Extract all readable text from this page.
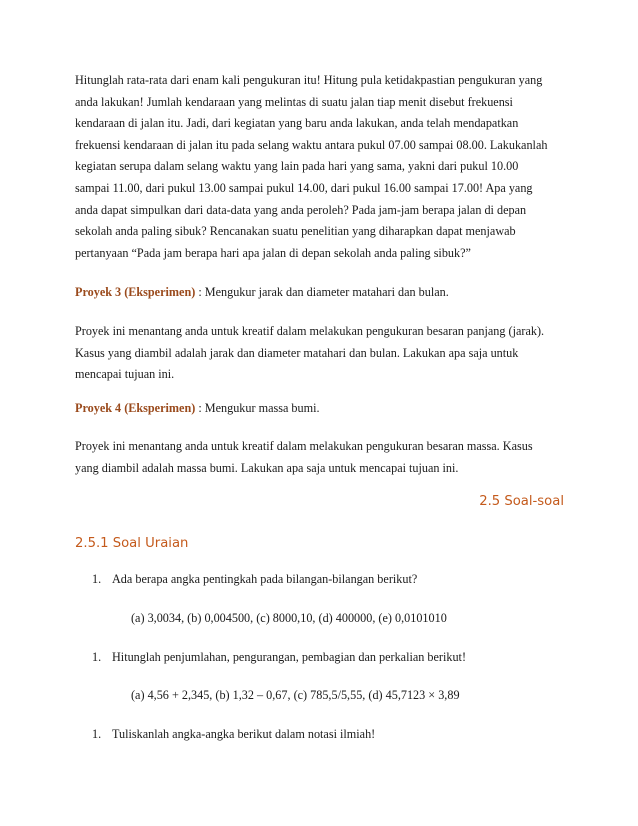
Hitunglah rata-rata dari enam kali pengukuran itu! Hitung pula ketidakpastian pengukuran yang
anda lakukan! Jumlah kendaraan yang melintas di suatu jalan tiap menit disebut frekuensi
kendaraan di jalan itu. Jadi, dari kegiatan yang baru anda lakukan, anda telah mendapatkan
frekuensi kendaraan di jalan itu pada selang waktu antara pukul 07.00 sampai 08.00. Lakukanlah
kegiatan serupa dalam selang waktu yang lain pada hari yang sama, yakni dari pukul 10.00
sampai 11.00, dari pukul 13.00 sampai pukul 14.00, dari pukul 16.00 sampai 17.00! Apa yang
anda dapat simpulkan dari data-data yang anda peroleh? Pada jam-jam berapa jalan di depan
sekolah anda paling sibuk? Rencanakan suatu penelitian yang diharapkan dapat menjawab
pertanyaan “Pada jam berapa hari apa jalan di depan sekolah anda paling sibuk?”
Proyek 3 (Eksperimen) : Mengukur jarak dan diameter matahari dan bulan.
Proyek ini menantang anda untuk kreatif dalam melakukan pengukuran besaran panjang (jarak).
Kasus yang diambil adalah jarak dan diameter matahari dan bulan. Lakukan apa saja untuk
mencapai tujuan ini.
Proyek 4 (Eksperimen) : Mengukur massa bumi.
Proyek ini menantang anda untuk kreatif dalam melakukan pengukuran besaran massa. Kasus
yang diambil adalah massa bumi. Lakukan apa saja untuk mencapai tujuan ini.
2.5 Soal-soal
2.5.1 Soal Uraian
1. Ada berapa angka pentingkah pada bilangan-bilangan berikut?
(a) 3,0034, (b) 0,004500, (c) 8000,10, (d) 400000, (e) 0,0101010
1. Hitunglah penjumlahan, pengurangan, pembagian dan perkalian berikut!
(a) 4,56 + 2,345, (b) 1,32 – 0,67, (c) 785,5/5,55, (d) 45,7123 × 3,89
1. Tuliskanlah angka-angka berikut dalam notasi ilmiah!
